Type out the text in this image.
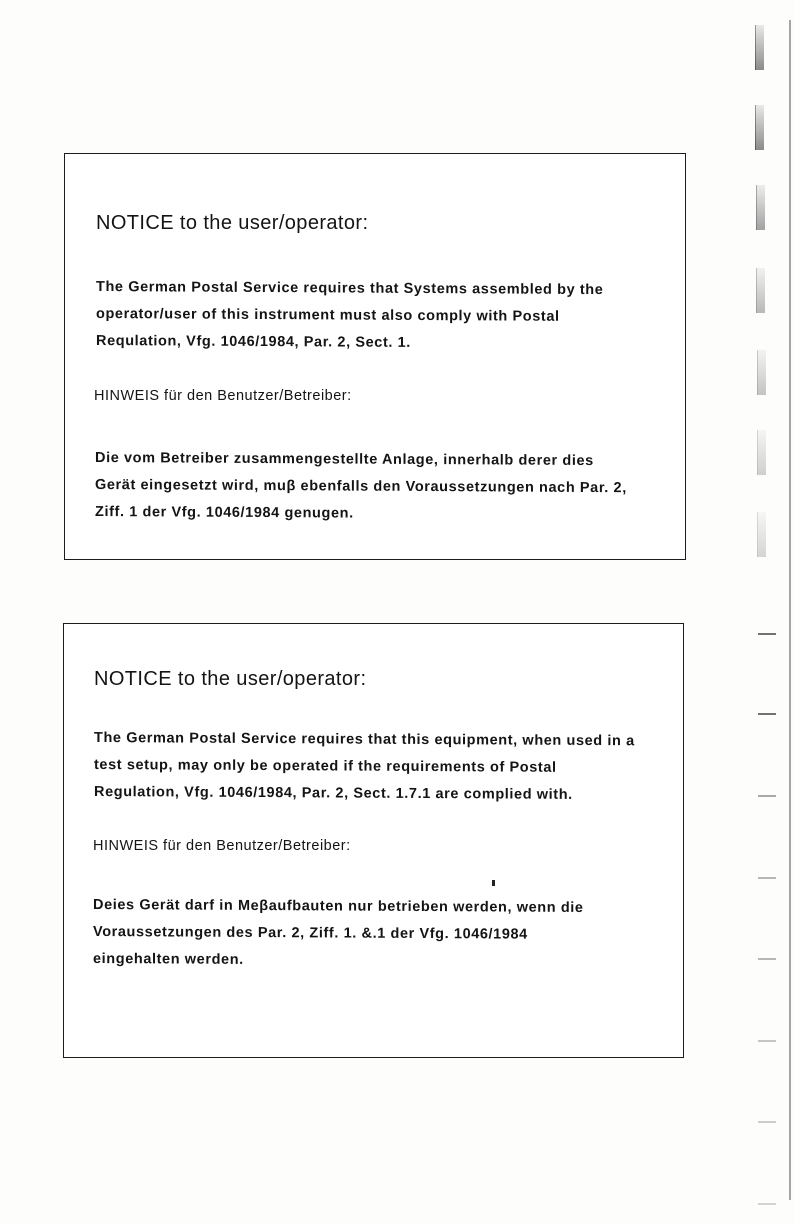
NOTICE to the user/operator:
The German Postal Service requires that Systems assembled by the
operator/user of this instrument must also comply with Postal
Requlation, Vfg. 1046/1984, Par. 2, Sect. 1.
HINWEIS für den Benutzer/Betreiber:
Die vom Betreiber zusammengestellte Anlage, innerhalb derer dies
Gerät eingesetzt wird, muβ ebenfalls den Voraussetzungen nach Par. 2,
Ziff. 1 der Vfg. 1046/1984 genugen.
NOTICE to the user/operator:
The German Postal Service requires that this equipment, when used in a
test setup, may only be operated if the requirements of Postal
Regulation, Vfg. 1046/1984, Par. 2, Sect. 1.7.1 are complied with.
HINWEIS für den Benutzer/Betreiber:
Deies Gerät darf in Meβaufbauten nur betrieben werden, wenn die
Voraussetzungen des Par. 2, Ziff. 1. &.1 der Vfg. 1046/1984
eingehalten werden.
